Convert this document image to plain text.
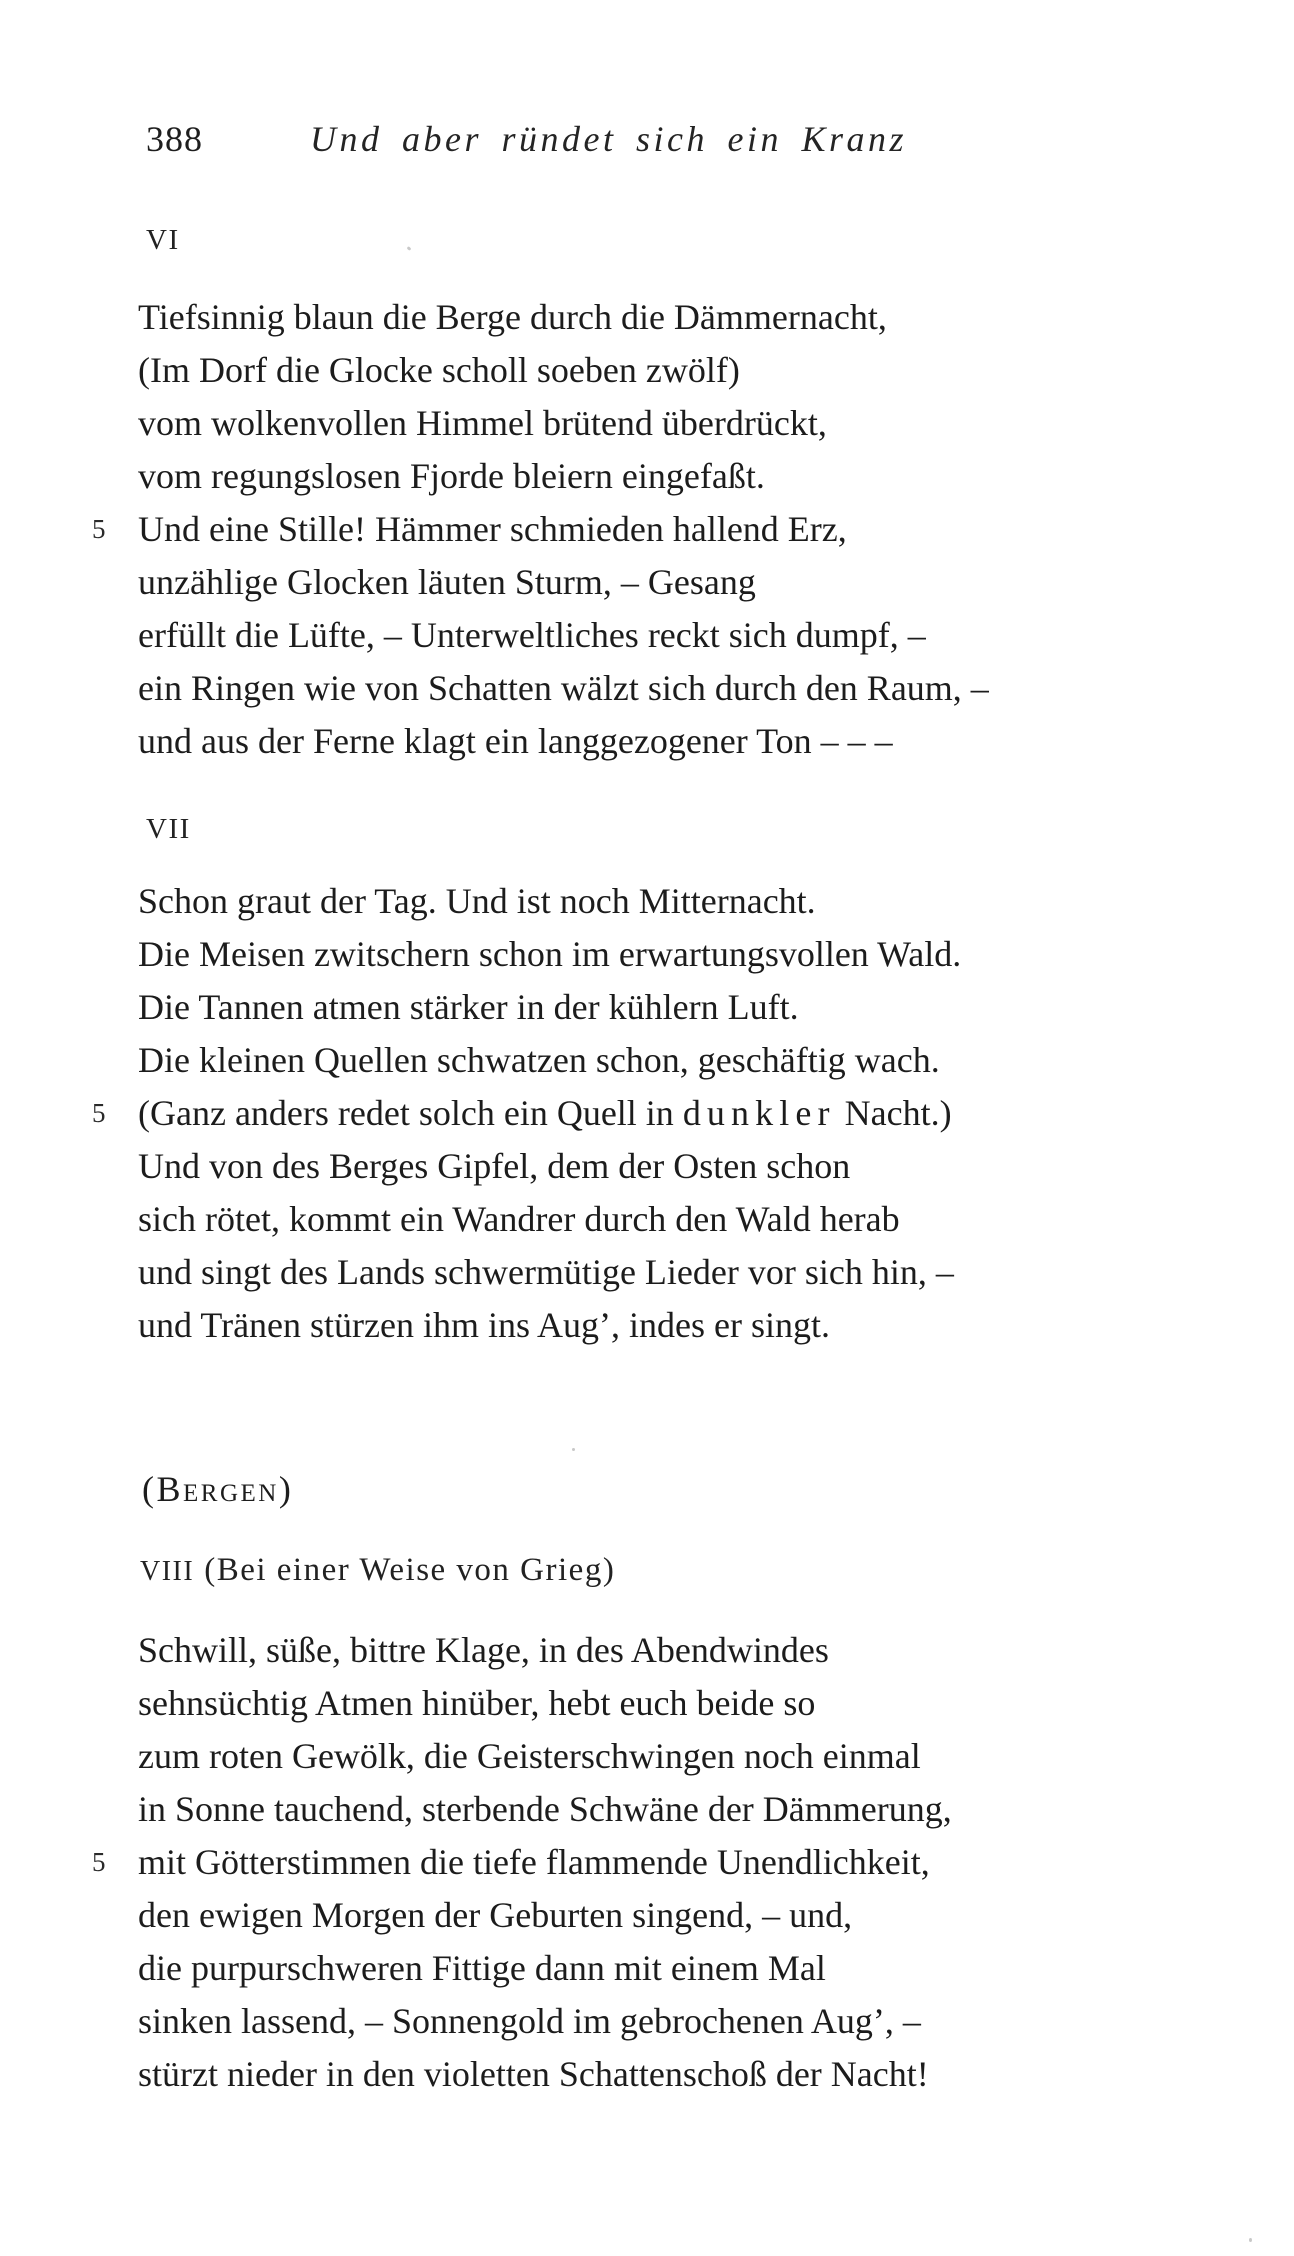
388	Und aber ründet sich ein Kranz
VI
Tiefsinnig blaun die Berge durch die Dämmernacht,
(Im Dorf die Glocke scholl soeben zwölf)
vom wolkenvollen Himmel brütend überdrückt,
vom regungslosen Fjorde bleiern eingefaßt.
Und eine Stille! Hämmer schmieden hallend Erz,
unzählige Glocken läuten Sturm, – Gesang
erfüllt die Lüfte, – Unterweltliches reckt sich dumpf, –
ein Ringen wie von Schatten wälzt sich durch den Raum, –
und aus der Ferne klagt ein langgezogener Ton – – –
5
VII
Schon graut der Tag. Und ist noch Mitternacht.
Die Meisen zwitschern schon im erwartungsvollen Wald.
Die Tannen atmen stärker in der kühlern Luft.
Die kleinen Quellen schwatzen schon, geschäftig wach.
(Ganz anders redet solch ein Quell in dunkler Nacht.)
Und von des Berges Gipfel, dem der Osten schon
sich rötet, kommt ein Wandrer durch den Wald herab
und singt des Lands schwermütige Lieder vor sich hin, –
und Tränen stürzen ihm ins Aug’, indes er singt.
5
(Bergen)
VIII (Bei einer Weise von Grieg)
Schwill, süße, bittre Klage, in des Abendwindes
sehnsüchtig Atmen hinüber, hebt euch beide so
zum roten Gewölk, die Geisterschwingen noch einmal
in Sonne tauchend, sterbende Schwäne der Dämmerung,
mit Götterstimmen die tiefe flammende Unendlichkeit,
den ewigen Morgen der Geburten singend, – und,
die purpurschweren Fittige dann mit einem Mal
sinken lassend, – Sonnengold im gebrochenen Aug’, –
stürzt nieder in den violetten Schattenschoß der Nacht!
5
